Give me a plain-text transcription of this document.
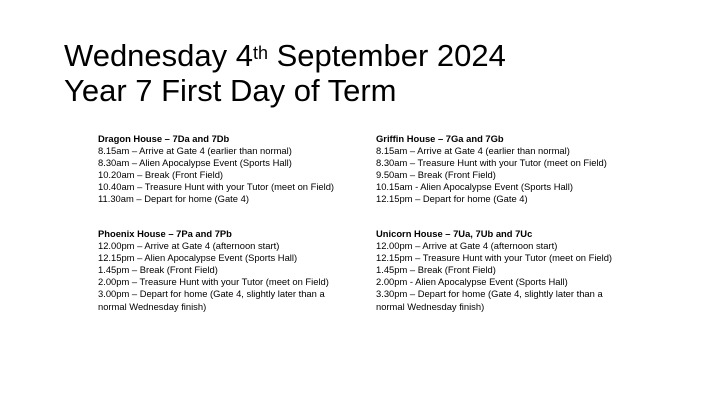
Wednesday 4th September 2024
Year 7 First Day of Term
Dragon House – 7Da and 7Db
8.15am – Arrive at Gate 4 (earlier than normal)
8.30am – Alien Apocalypse Event (Sports Hall)
10.20am – Break (Front Field)
10.40am – Treasure Hunt with your Tutor (meet on Field)
11.30am – Depart for home (Gate 4)
Griffin House – 7Ga and 7Gb
8.15am – Arrive at Gate 4 (earlier than normal)
8.30am – Treasure Hunt with your Tutor (meet on Field)
9.50am – Break (Front Field)
10.15am - Alien Apocalypse Event (Sports Hall)
12.15pm – Depart for home (Gate 4)
Phoenix House – 7Pa and 7Pb
12.00pm – Arrive at Gate 4 (afternoon start)
12.15pm – Alien Apocalypse Event (Sports Hall)
1.45pm – Break (Front Field)
2.00pm – Treasure Hunt with your Tutor (meet on Field)
3.00pm – Depart for home (Gate 4, slightly later than a normal Wednesday finish)
Unicorn House – 7Ua, 7Ub and 7Uc
12.00pm – Arrive at Gate 4 (afternoon start)
12.15pm – Treasure Hunt with your Tutor (meet on Field)
1.45pm – Break (Front Field)
2.00pm - Alien Apocalypse Event (Sports Hall)
3.30pm – Depart for home (Gate 4, slightly later than a normal Wednesday finish)
